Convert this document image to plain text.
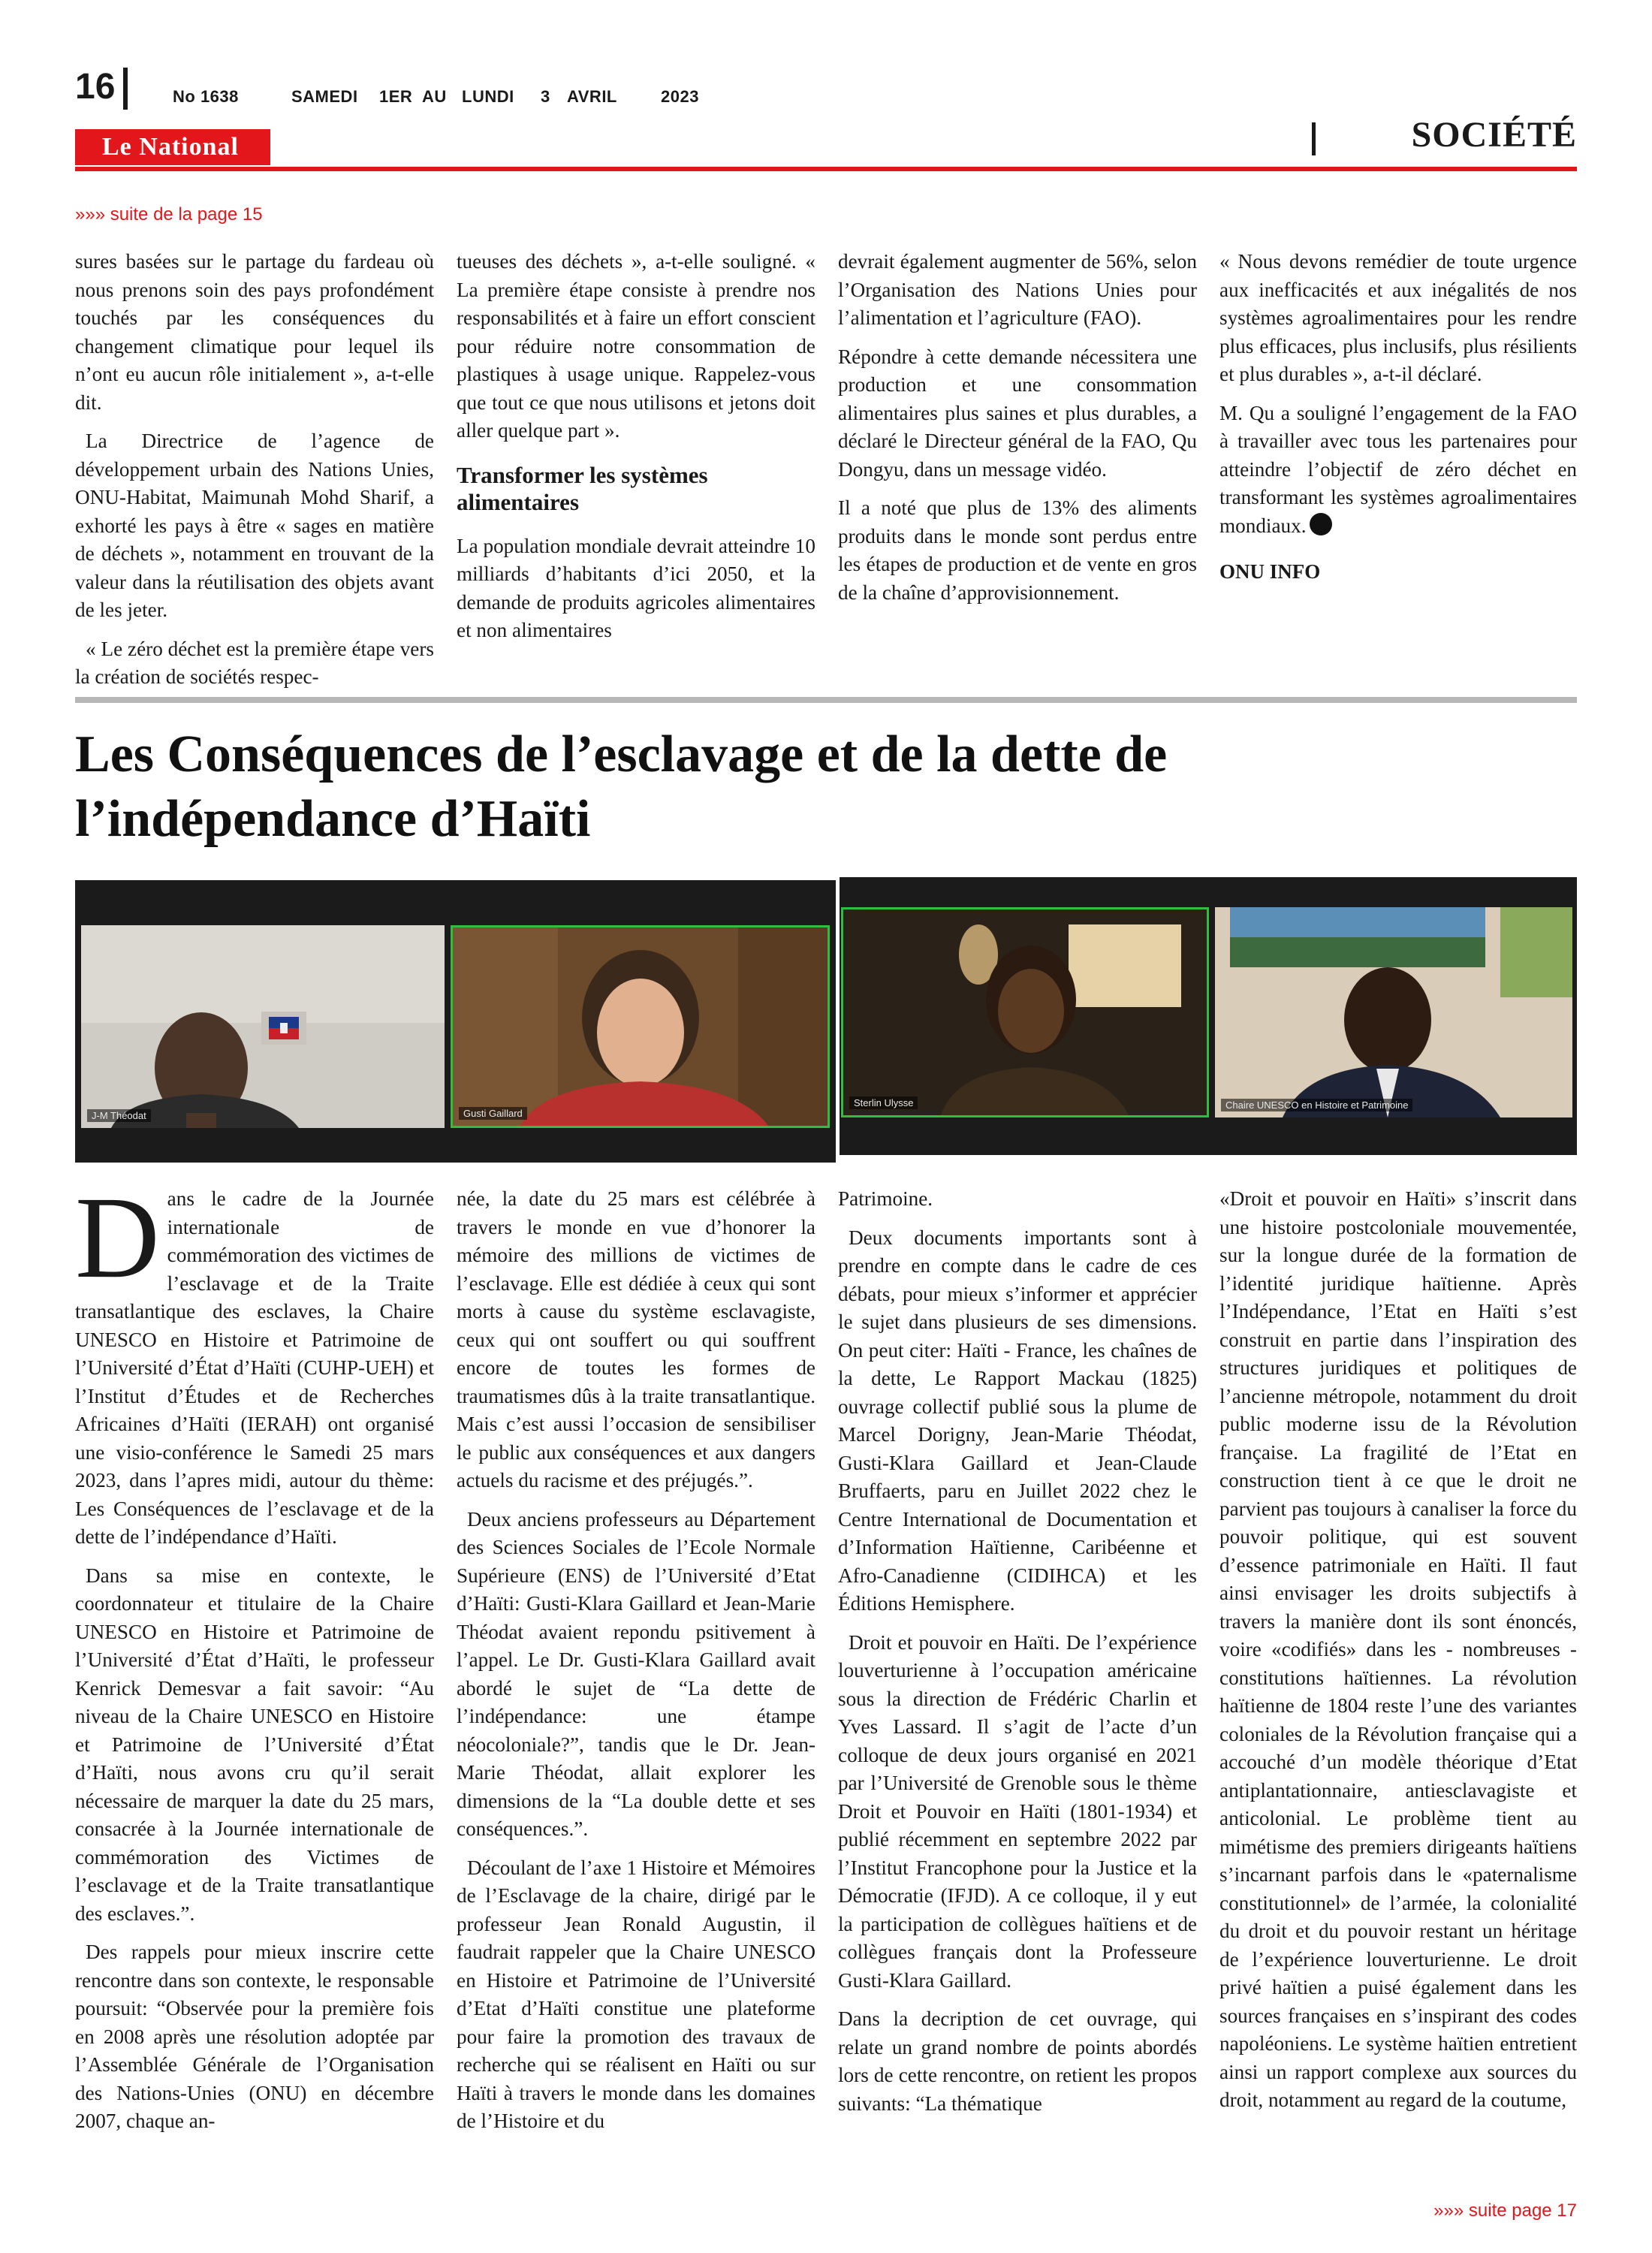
16	No 1638	SAMEDI 1ER AU LUNDI 3 AVRIL	2023
Le National	SOCIÉTÉ
»»» suite de la page 15

sures basées sur le partage du fardeau où nous prenons soin des pays profondément touchés par les conséquences du changement climatique pour lequel ils n’ont eu aucun rôle initialement », a-t-elle dit.

La Directrice de l’agence de développement urbain des Nations Unies, ONU-Habitat, Maimunah Mohd Sharif, a exhorté les pays à être « sages en matière de déchets », notamment en trouvant de la valeur dans la réutilisation des objets avant de les jeter.

« Le zéro déchet est la première étape vers la création de sociétés respec-

tueuses des déchets », a-t-elle souligné. « La première étape consiste à prendre nos responsabilités et à faire un effort conscient pour réduire notre consommation de plastiques à usage unique. Rappelez-vous que tout ce que nous utilisons et jetons doit aller quelque part ».

Transformer les systèmes alimentaires

La population mondiale devrait atteindre 10 milliards d’habitants d’ici 2050, et la demande de produits agricoles alimentaires et non alimentaires

devrait également augmenter de 56%, selon l’Organisation des Nations Unies pour l’alimentation et l’agriculture (FAO).

Répondre à cette demande nécessitera une production et une consommation alimentaires plus saines et plus durables, a déclaré le Directeur général de la FAO, Qu Dongyu, dans un message vidéo.

Il a noté que plus de 13% des aliments produits dans le monde sont perdus entre les étapes de production et de vente en gros de la chaîne d’approvisionnement.

« Nous devons remédier de toute urgence aux inefficacités et aux inégalités de nos systèmes agroalimentaires pour les rendre plus efficaces, plus inclusifs, plus résilients et plus durables », a-t-il déclaré.

M. Qu a souligné l’engagement de la FAO à travailler avec tous les partenaires pour atteindre l’objectif de zéro déchet en transformant les systèmes agroalimentaires mondiaux.

ONU INFO
Les Conséquences de l’esclavage et de la dette de
l’indépendance d’Haïti
J-M Théodat	Gusti Gaillard
Sterlin Ulysse	Chaire UNESCO en Histoire et Patrimoine

Dans le cadre de la Journée internationale de commémoration des victimes de l’esclavage et de la Traite transatlantique des esclaves, la Chaire UNESCO en Histoire et Patrimoine de l’Université d’État d’Haïti (CUHP-UEH) et l’Institut d’Études et de Recherches Africaines d’Haïti (IERAH) ont organisé une visio-conférence le Samedi 25 mars 2023, dans l’apres midi, autour du thème: Les Conséquences de l’esclavage et de la dette de l’indépendance d’Haïti.

Dans sa mise en contexte, le coordonnateur et titulaire de la Chaire UNESCO en Histoire et Patrimoine de l’Université d’État d’Haïti, le professeur Kenrick Demesvar a fait savoir: “Au niveau de la Chaire UNESCO en Histoire et Patrimoine de l’Université d’État d’Haïti, nous avons cru qu’il serait nécessaire de marquer la date du 25 mars, consacrée à la Journée internationale de commémoration des Victimes de l’esclavage et de la Traite transatlantique des esclaves.”.

Des rappels pour mieux inscrire cette rencontre dans son contexte, le responsable poursuit: “Observée pour la première fois en 2008 après une résolution adoptée par l’Assemblée Générale de l’Organisation des Nations-Unies (ONU) en décembre 2007, chaque an-

née, la date du 25 mars est célébrée à travers le monde en vue d’honorer la mémoire des millions de victimes de l’esclavage. Elle est dédiée à ceux qui sont morts à cause du système esclavagiste, ceux qui ont souffert ou qui souffrent encore de toutes les formes de traumatismes dûs à la traite transatlantique. Mais c’est aussi l’occasion de sensibiliser le public aux conséquences et aux dangers actuels du racisme et des préjugés.”.

Deux anciens professeurs au Département des Sciences Sociales de l’Ecole Normale Supérieure (ENS) de l’Université d’Etat d’Haïti: Gusti-Klara Gaillard et Jean-Marie Théodat avaient repondu psitivement à l’appel. Le Dr. Gusti-Klara Gaillard avait abordé le sujet de “La dette de l’indépendance: une étampe néocoloniale?”, tandis que le Dr. Jean-Marie Théodat, allait explorer les dimensions de la “La double dette et ses conséquences.”.

Découlant de l’axe 1 Histoire et Mémoires de l’Esclavage de la chaire, dirigé par le professeur Jean Ronald Augustin, il faudrait rappeler que la Chaire UNESCO en Histoire et Patrimoine de l’Université d’Etat d’Haïti constitue une plateforme pour faire la promotion des travaux de recherche qui se réalisent en Haïti ou sur Haïti à travers le monde dans les domaines de l’Histoire et du

Patrimoine.

Deux documents importants sont à prendre en compte dans le cadre de ces débats, pour mieux s’informer et apprécier le sujet dans plusieurs de ses dimensions. On peut citer: Haïti - France, les chaînes de la dette, Le Rapport Mackau (1825) ouvrage collectif publié sous la plume de Marcel Dorigny, Jean-Marie Théodat, Gusti-Klara Gaillard et Jean-Claude Bruffaerts, paru en Juillet 2022 chez le Centre International de Documentation et d’Information Haïtienne, Caribéenne et Afro-Canadienne (CIDIHCA) et les Éditions Hemisphere.

Droit et pouvoir en Haïti. De l’expérience louverturienne à l’occupation américaine sous la direction de Frédéric Charlin et Yves Lassard. Il s’agit de l’acte d’un colloque de deux jours organisé en 2021 par l’Université de Grenoble sous le thème Droit et Pouvoir en Haïti (1801-1934) et publié récemment en septembre 2022 par l’Institut Francophone pour la Justice et la Démocratie (IFJD). A ce colloque, il y eut la participation de collègues haïtiens et de collègues français dont la Professeure Gusti-Klara Gaillard.

Dans la decription de cet ouvrage, qui relate un grand nombre de points abordés lors de cette rencontre, on retient les propos suivants: “La thématique

«Droit et pouvoir en Haïti» s’inscrit dans une histoire postcoloniale mouvementée, sur la longue durée de la formation de l’identité juridique haïtienne. Après l’Indépendance, l’Etat en Haïti s’est construit en partie dans l’inspiration des structures juridiques et politiques de l’ancienne métropole, notamment du droit public moderne issu de la Révolution française. La fragilité de l’Etat en construction tient à ce que le droit ne parvient pas toujours à canaliser la force du pouvoir politique, qui est souvent d’essence patrimoniale en Haïti. Il faut ainsi envisager les droits subjectifs à travers la manière dont ils sont énoncés, voire «codifiés» dans les - nombreuses - constitutions haïtiennes. La révolution haïtienne de 1804 reste l’une des variantes coloniales de la Révolution française qui a accouché d’un modèle théorique d’Etat antiplantationnaire, antiesclavagiste et anticolonial. Le problème tient au mimétisme des premiers dirigeants haïtiens s’incarnant parfois dans le «paternalisme constitutionnel» de l’armée, la colonialité du droit et du pouvoir restant un héritage de l’expérience louverturienne. Le droit privé haïtien a puisé également dans les sources françaises en s’inspirant des codes napoléoniens. Le système haïtien entretient ainsi un rapport complexe aux sources du droit, notamment au regard de la coutume,

»»» suite page 17
